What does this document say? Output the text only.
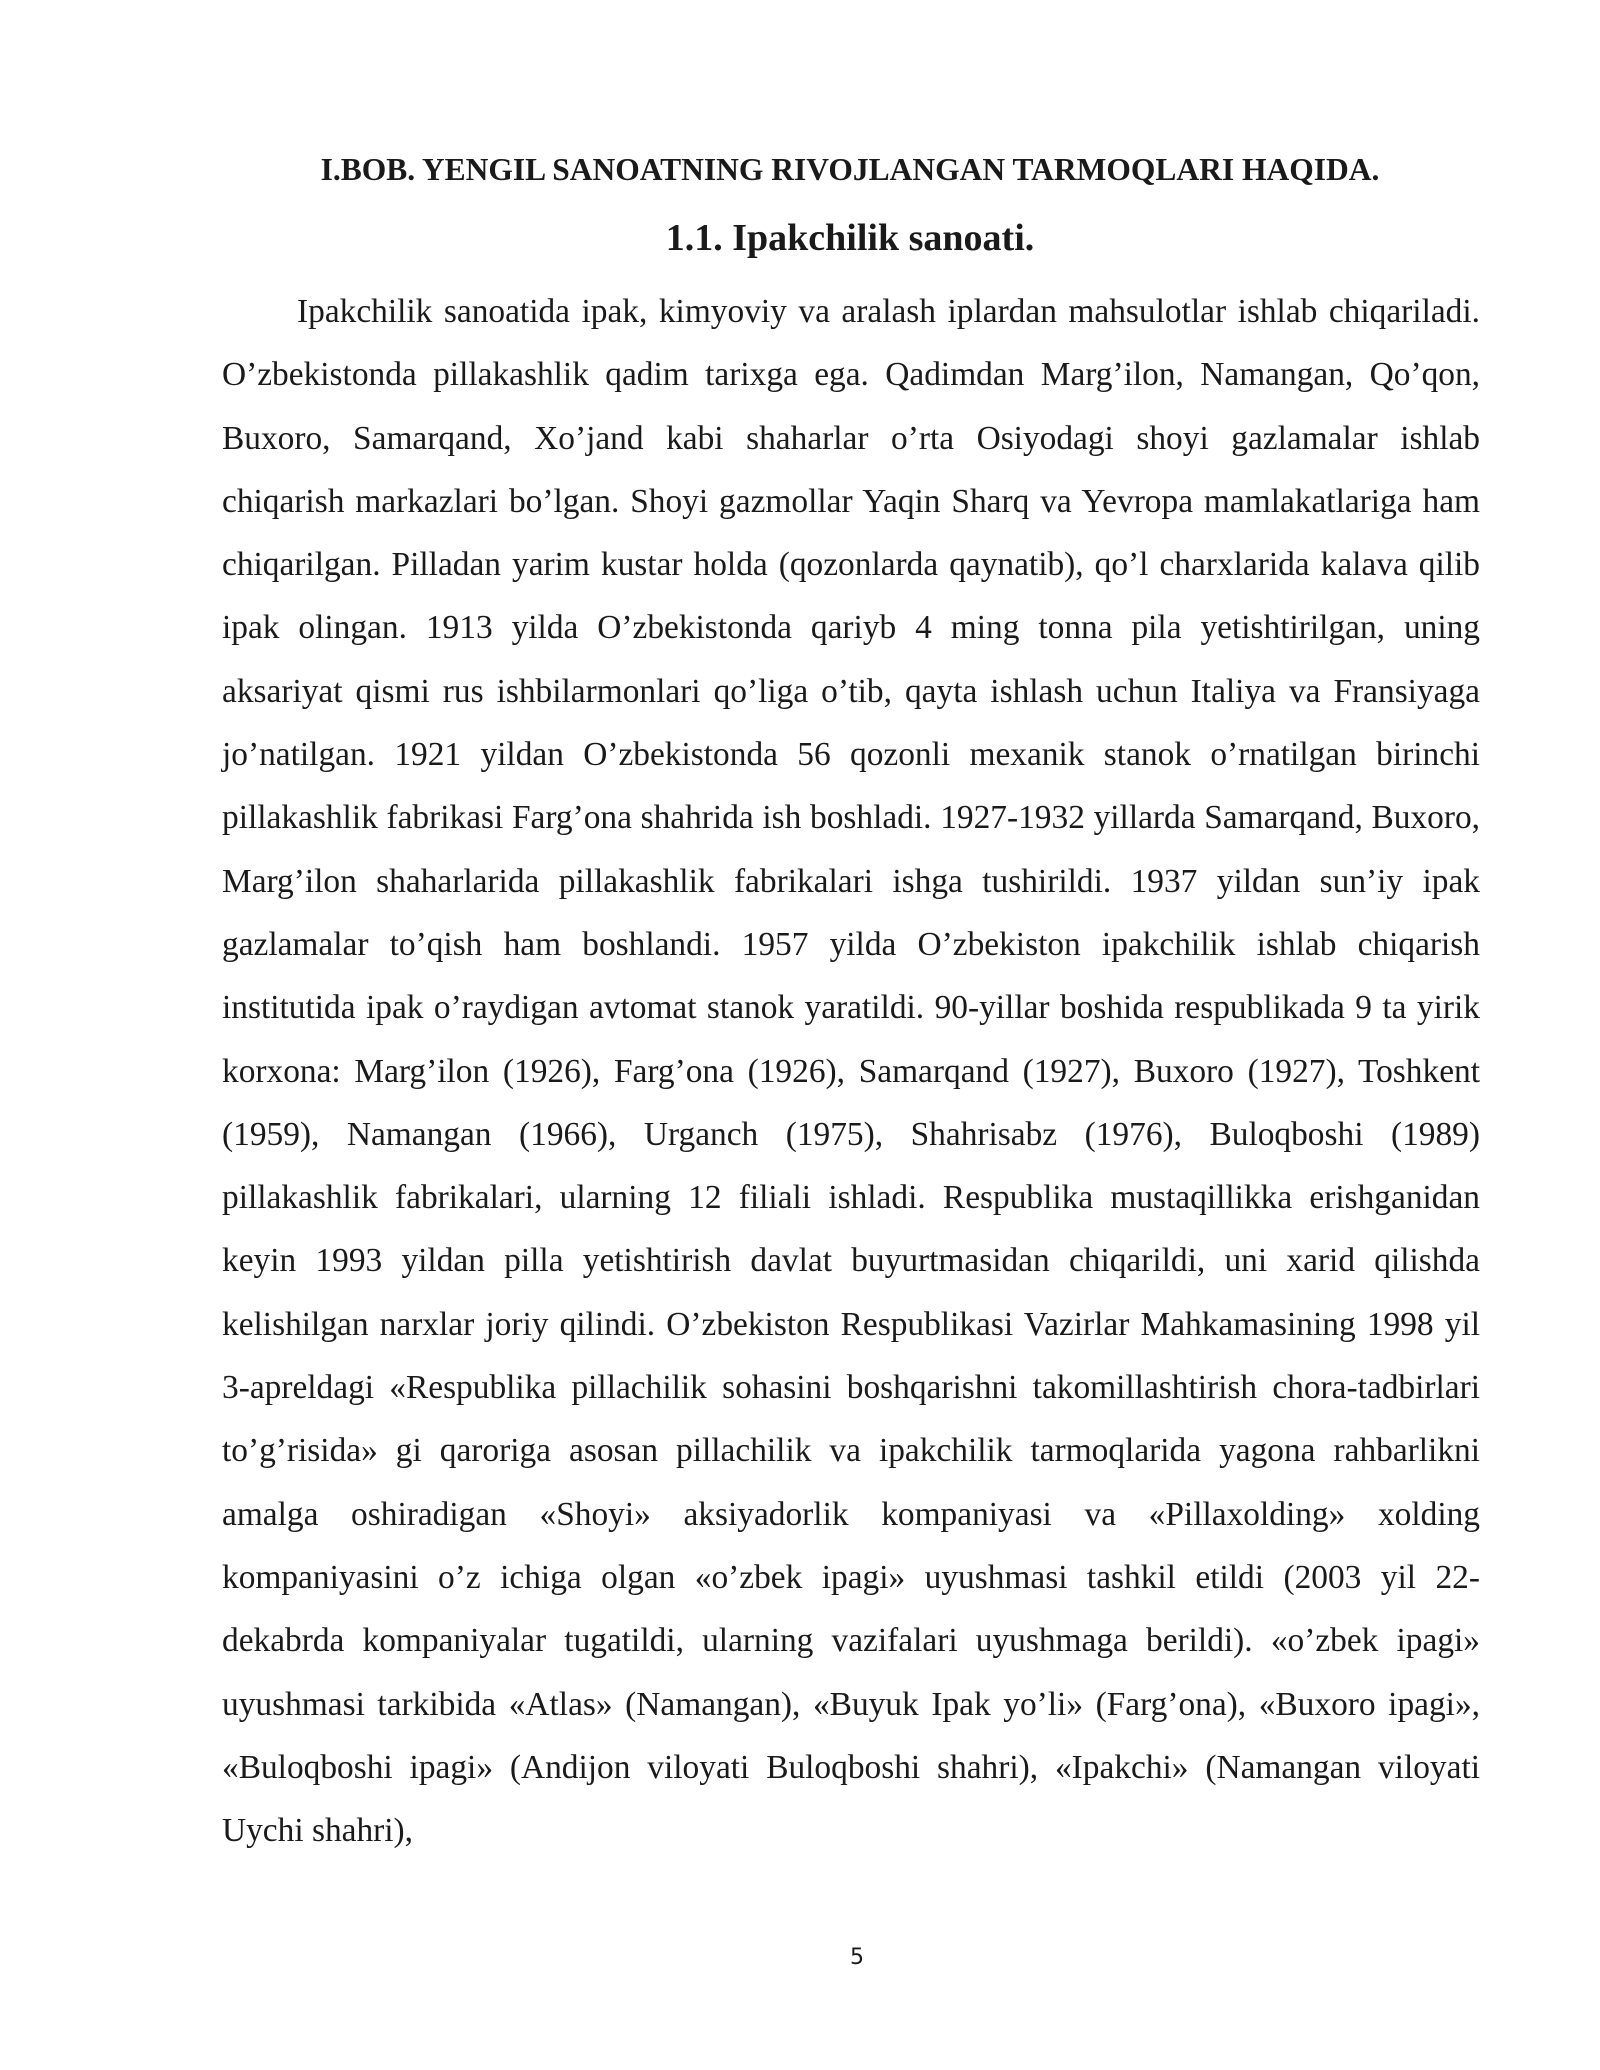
I.BOB. YENGIL SANOATNING RIVOJLANGAN TARMOQLARI HAQIDA.
1.1. Ipakchilik sanoati.

Ipakchilik sanoatida ipak, kimyoviy va aralash iplardan mahsulotlar ishlab chiqariladi. O’zbekistonda pillakashlik qadim tarixga ega. Qadimdan Marg’ilon, Namangan, Qo’qon, Buxoro, Samarqand, Xo’jand kabi shaharlar o’rta Osiyodagi shoyi gazlamalar ishlab chiqarish markazlari bo’lgan. Shoyi gazmollar Yaqin Sharq va Yevropa mamlakatlariga ham chiqarilgan. Pilladan yarim kustar holda (qozonlarda qaynatib), qo’l charxlarida kalava qilib ipak olingan. 1913 yilda O’zbekistonda qariyb 4 ming tonna pila yetishtirilgan, uning aksariyat qismi rus ishbilarmonlari qo’liga o’tib, qayta ishlash uchun Italiya va Fransiyaga jo’natilgan. 1921 yildan O’zbekistonda 56 qozonli mexanik stanok o’rnatilgan birinchi pillakashlik fabrikasi Farg’ona shahrida ish boshladi. 1927-1932 yillarda Samarqand, Buxoro, Marg’ilon shaharlarida pillakashlik fabrikalari ishga tushirildi. 1937 yildan sun’iy ipak gazlamalar to’qish ham boshlandi. 1957 yilda O’zbekiston ipakchilik ishlab chiqarish institutida ipak o’raydigan avtomat stanok yaratildi. 90-yillar boshida respublikada 9 ta yirik korxona: Marg’ilon (1926), Farg’ona (1926), Samarqand (1927), Buxoro (1927), Toshkent (1959), Namangan (1966), Urganch (1975), Shahrisabz (1976), Buloqboshi (1989) pillakashlik fabrikalari, ularning 12 filiali ishladi. Respublika mustaqillikka erishganidan keyin 1993 yildan pilla yetishtirish davlat buyurtmasidan chiqarildi, uni xarid qilishda kelishilgan narxlar joriy qilindi. O’zbekiston Respublikasi Vazirlar Mahkamasining 1998 yil 3-apreldagi «Respublika pillachilik sohasini boshqarishni takomillashtirish chora-tadbirlari to’g’risida» gi qaroriga asosan pillachilik va ipakchilik tarmoqlarida yagona rahbarlikni amalga oshiradigan «Shoyi» aksiyadorlik kompaniyasi va «Pillaxolding» xolding kompaniyasini o’z ichiga olgan «o’zbek ipagi» uyushmasi tashkil etildi (2003 yil 22-dekabrda kompaniyalar tugatildi, ularning vazifalari uyushmaga berildi). «o’zbek ipagi» uyushmasi tarkibida «Atlas» (Namangan), «Buyuk Ipak yo’li» (Farg’ona), «Buxoro ipagi», «Buloqboshi ipagi» (Andijon viloyati Buloqboshi shahri), «Ipakchi» (Namangan viloyati Uychi shahri),

5
